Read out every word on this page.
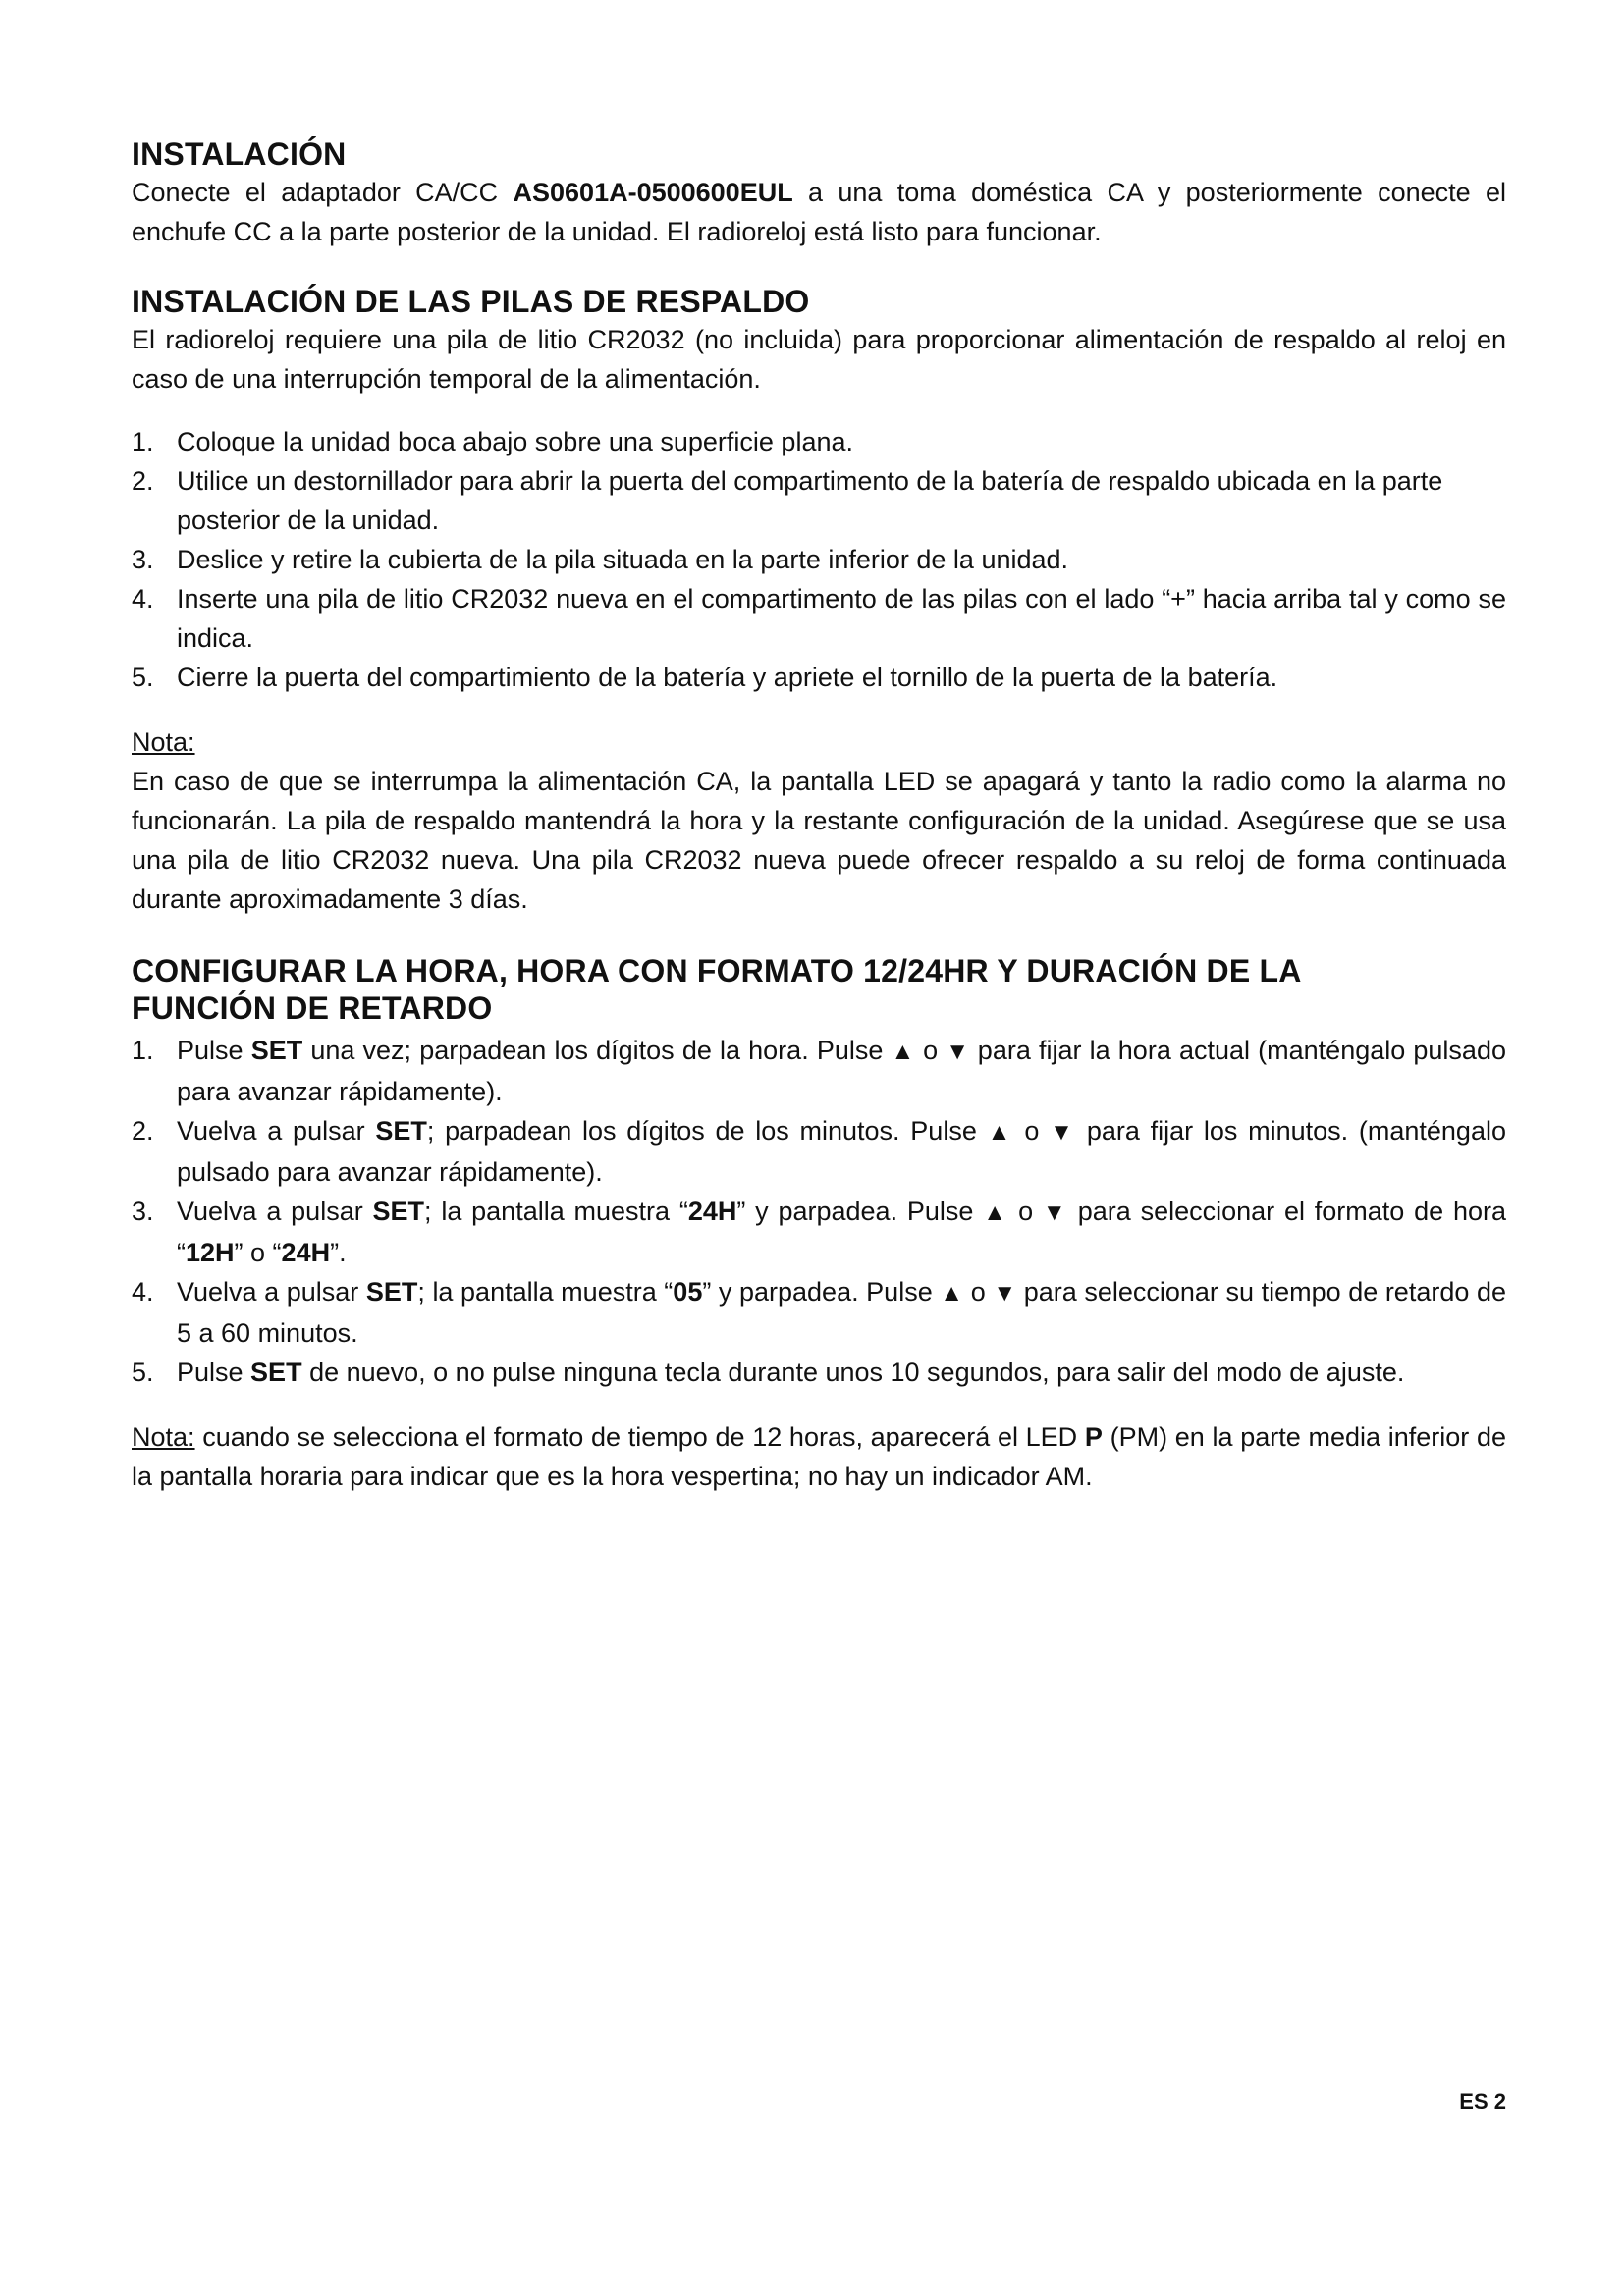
INSTALACIÓN

Conecte el adaptador CA/CC AS0601A-0500600EUL a una toma doméstica CA y posteriormente conecte el enchufe CC a la parte posterior de la unidad. El radioreloj está listo para funcionar.

INSTALACIÓN DE LAS PILAS DE RESPALDO

El radioreloj requiere una pila de litio CR2032 (no incluida) para proporcionar alimentación de respaldo al reloj en caso de una interrupción temporal de la alimentación.

1. Coloque la unidad boca abajo sobre una superficie plana.
2. Utilice un destornillador para abrir la puerta del compartimento de la batería de respaldo ubicada en la parte posterior de la unidad.
3. Deslice y retire la cubierta de la pila situada en la parte inferior de la unidad.
4. Inserte una pila de litio CR2032 nueva en el compartimento de las pilas con el lado “+” hacia arriba tal y como se indica.
5. Cierre la puerta del compartimiento de la batería y apriete el tornillo de la puerta de la batería.

Nota:

En caso de que se interrumpa la alimentación CA, la pantalla LED se apagará y tanto la radio como la alarma no funcionarán. La pila de respaldo mantendrá la hora y la restante configuración de la unidad. Asegúrese que se usa una pila de litio CR2032 nueva. Una pila CR2032 nueva puede ofrecer respaldo a su reloj de forma continuada durante aproximadamente 3 días.

CONFIGURAR LA HORA, HORA CON FORMATO 12/24HR Y DURACIÓN DE LA
FUNCIÓN DE RETARDO
1. Pulse SET una vez; parpadean los dígitos de la hora. Pulse ▲ o ▼ para fijar la hora actual (manténgalo pulsado para avanzar rápidamente).
2. Vuelva a pulsar SET; parpadean los dígitos de los minutos. Pulse ▲ o ▼ para fijar los minutos. (manténgalo pulsado para avanzar rápidamente).
3. Vuelva a pulsar SET; la pantalla muestra “24H” y parpadea. Pulse ▲ o ▼ para seleccionar el formato de hora “12H” o “24H”.
4. Vuelva a pulsar SET; la pantalla muestra “05” y parpadea. Pulse ▲ o ▼ para seleccionar su tiempo de retardo de 5 a 60 minutos.
5. Pulse SET de nuevo, o no pulse ninguna tecla durante unos 10 segundos, para salir del modo de ajuste.

Nota: cuando se selecciona el formato de tiempo de 12 horas, aparecerá el LED P (PM) en la parte media inferior de la pantalla horaria para indicar que es la hora vespertina; no hay un indicador AM.

ES 2
